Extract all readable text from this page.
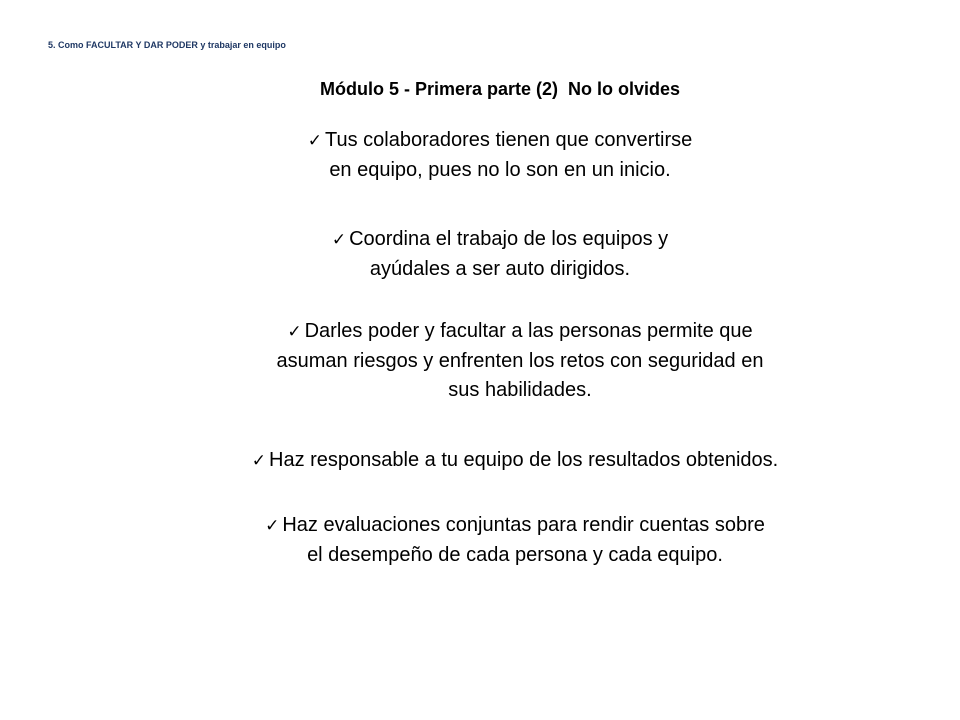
5. Como FACULTAR Y DAR PODER y trabajar en equipo
Módulo 5 - Primera parte (2)  No lo olvides
✓ Tus colaboradores tienen que convertirse
en equipo, pues no lo son en un inicio.
✓ Coordina el trabajo de los equipos y
ayúdales a ser auto dirigidos.
✓ Darles poder y facultar a las personas permite que
asuman riesgos y enfrenten los retos con seguridad en
sus habilidades.
✓ Haz responsable a tu equipo de los resultados obtenidos.
✓ Haz evaluaciones conjuntas para rendir cuentas sobre
el desempeño de cada persona y cada equipo.
